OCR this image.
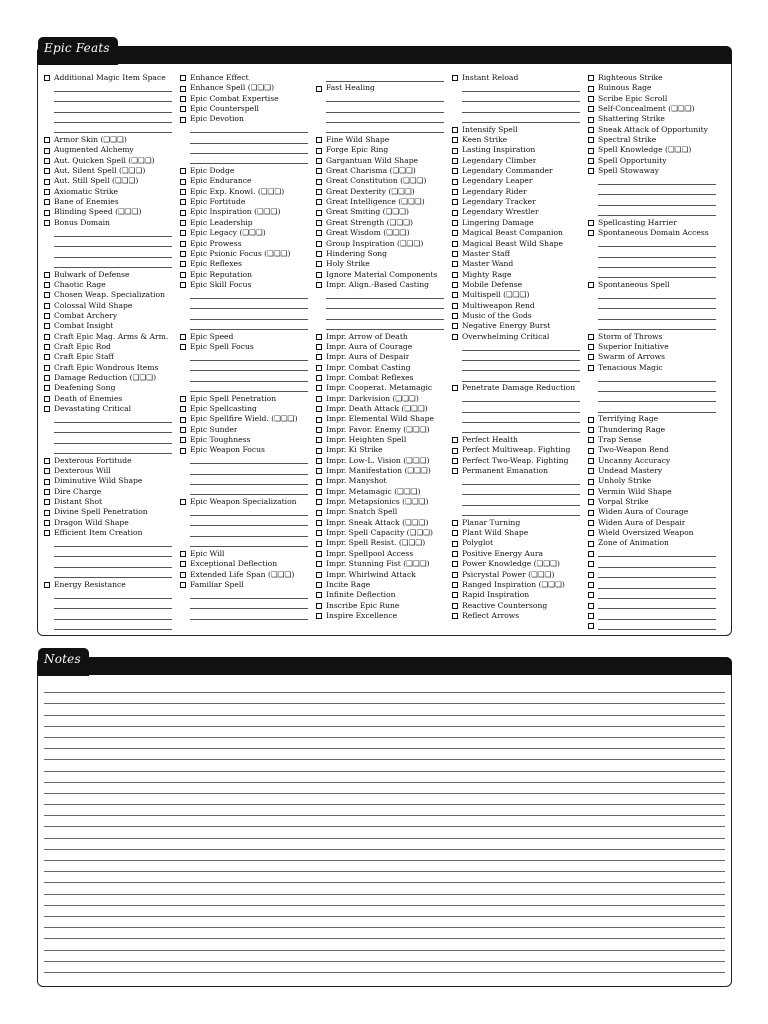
Epic Feats
Additional Magic Item Space
Armor Skin (❑❑❑)
Augmented Alchemy
Aut. Quicken Spell (❑❑❑)
Aut. Silent Spell (❑❑❑)
Aut. Still Spell (❑❑❑)
Axiomatic Strike
Bane of Enemies
Blinding Speed (❑❑❑)
Bonus Domain
Bulwark of Defense
Chaotic Rage
Chosen Weap. Specialization
Colossal Wild Shape
Combat Archery
Combat Insight
Craft Epic Mag. Arms & Arm.
Craft Epic Rod
Craft Epic Staff
Craft Epic Wondrous Items
Damage Reduction (❑❑❑)
Deafening Song
Death of Enemies
Devastating Critical
Dexterous Fortitude
Dexterous Will
Diminutive Wild Shape
Dire Charge
Distant Shot
Divine Spell Penetration
Dragon Wild Shape
Efficient Item Creation
Energy Resistance
Enhance Effect
Enhance Spell (❑❑❑)
Epic Combat Expertise
Epic Counterspell
Epic Devotion
Epic Dodge
Epic Endurance
Epic Exp. Knowl. (❑❑❑)
Epic Fortitude
Epic Inspiration (❑❑❑)
Epic Leadership
Epic Legacy (❑❑❑)
Epic Prowess
Epic Psionic Focus (❑❑❑)
Epic Reflexes
Epic Reputation
Epic Skill Focus
Epic Speed
Epic Spell Focus
Epic Spell Penetration
Epic Spellcasting
Epic Spellfire Wield. (❑❑❑)
Epic Sunder
Epic Toughness
Epic Weapon Focus
Epic Weapon Specialization
Epic Will
Exceptional Deflection
Extended Life Span (❑❑❑)
Familiar Spell
Fast Healing
Fine Wild Shape
Forge Epic Ring
Gargantuan Wild Shape
Great Charisma (❑❑❑)
Great Constitution (❑❑❑)
Great Dexterity (❑❑❑)
Great Intelligence (❑❑❑)
Great Smiting (❑❑❑)
Great Strength (❑❑❑)
Great Wisdom (❑❑❑)
Group Inspiration (❑❑❑)
Hindering Song
Holy Strike
Ignore Material Components
Impr. Align.-Based Casting
Impr. Arrow of Death
Impr. Aura of Courage
Impr. Aura of Despair
Impr. Combat Casting
Impr. Combat Reflexes
Impr. Cooperat. Metamagic
Impr. Darkvision (❑❑❑)
Impr. Death Attack (❑❑❑)
Impr. Elemental Wild Shape
Impr. Favor. Enemy (❑❑❑)
Impr. Heighten Spell
Impr. Ki Strike
Impr. Low-L. Vision (❑❑❑)
Impr. Manifestation (❑❑❑)
Impr. Manyshot
Impr. Metamagic (❑❑❑)
Impr. Metapsionics (❑❑❑)
Impr. Snatch Spell
Impr. Sneak Attack (❑❑❑)
Impr. Spell Capacity (❑❑❑)
Impr. Spell Resist. (❑❑❑)
Impr. Spellpool Access
Impr. Stunning Fist (❑❑❑)
Impr. Whirlwind Attack
Incite Rage
Infinite Deflection
Inscribe Epic Rune
Inspire Excellence
Instant Reload
Intensify Spell
Keen Strike
Lasting Inspiration
Legendary Climber
Legendary Commander
Legendary Leaper
Legendary Rider
Legendary Tracker
Legendary Wrestler
Lingering Damage
Magical Beast Companion
Magical Beast Wild Shape
Master Staff
Master Wand
Mighty Rage
Mobile Defense
Multispell (❑❑❑)
Multiweapon Rend
Music of the Gods
Negative Energy Burst
Overwhelming Critical
Penetrate Damage Reduction
Perfect Health
Perfect Multiweap. Fighting
Perfect Two-Weap. Fighting
Permanent Emanation
Planar Turning
Plant Wild Shape
Polyglot
Positive Energy Aura
Power Knowledge (❑❑❑)
Psicrystal Power (❑❑❑)
Ranged Inspiration (❑❑❑)
Rapid Inspiration
Reactive Countersong
Reflect Arrows
Righteous Strike
Ruinous Rage
Scribe Epic Scroll
Self-Concealment (❑❑❑)
Shattering Strike
Sneak Attack of Opportunity
Spectral Strike
Spell Knowledge (❑❑❑)
Spell Opportunity
Spell Stowaway
Spellcasting Harrier
Spontaneous Domain Access
Spontaneous Spell
Storm of Throws
Superior Initiative
Swarm of Arrows
Tenacious Magic
Terrifying Rage
Thundering Rage
Trap Sense
Two-Weapon Rend
Uncanny Accuracy
Undead Mastery
Unholy Strike
Vermin Wild Shape
Vorpal Strike
Widen Aura of Courage
Widen Aura of Despair
Wield Oversized Weapon
Zone of Animation
Notes
